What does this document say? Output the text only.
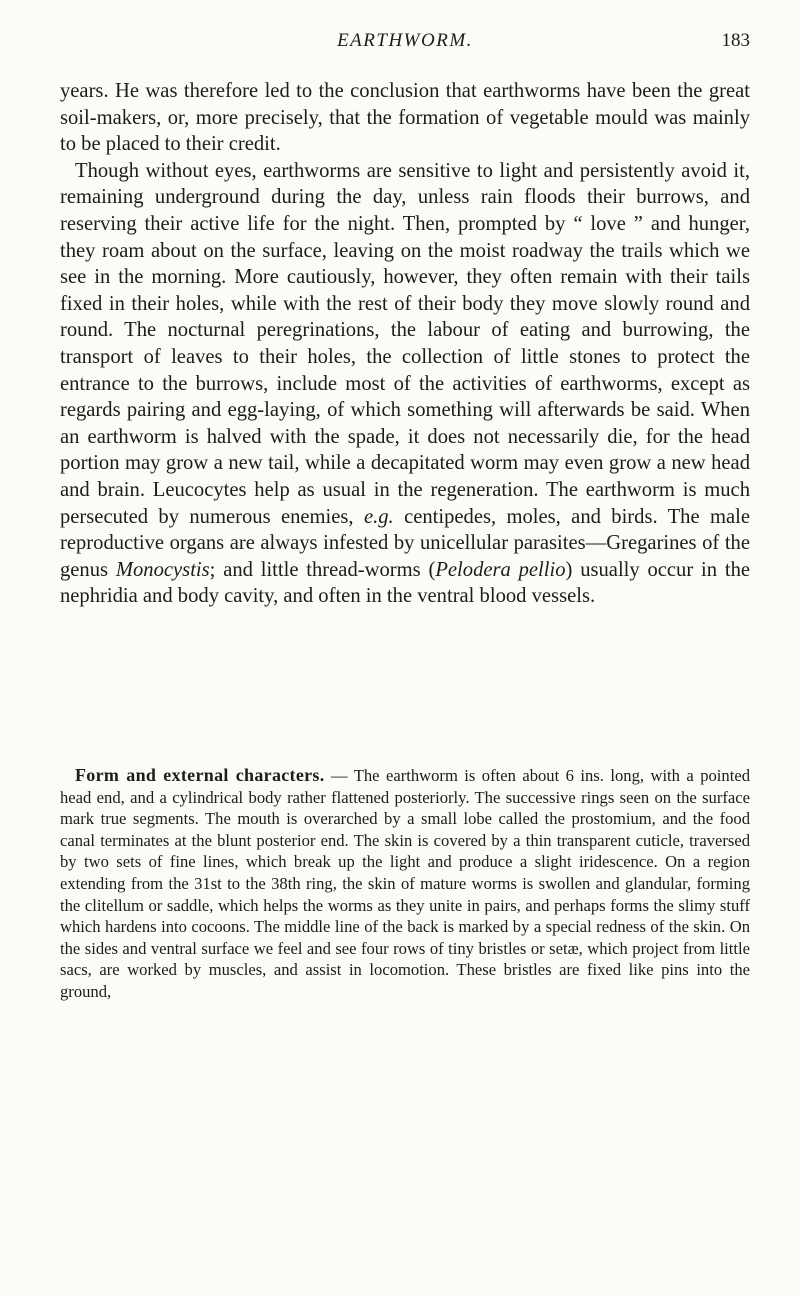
EARTHWORM.	183

years. He was therefore led to the conclusion that earthworms have been the great soil-makers, or, more precisely, that the formation of vegetable mould was mainly to be placed to their credit.

Though without eyes, earthworms are sensitive to light and persistently avoid it, remaining underground during the day, unless rain floods their burrows, and reserving their active life for the night. Then, prompted by “ love ” and hunger, they roam about on the surface, leaving on the moist roadway the trails which we see in the morning. More cautiously, however, they often remain with their tails fixed in their holes, while with the rest of their body they move slowly round and round. The nocturnal peregrinations, the labour of eating and burrowing, the transport of leaves to their holes, the collection of little stones to protect the entrance to the burrows, include most of the activities of earthworms, except as regards pairing and egg-laying, of which something will afterwards be said. When an earthworm is halved with the spade, it does not necessarily die, for the head portion may grow a new tail, while a decapitated worm may even grow a new head and brain. Leucocytes help as usual in the regeneration. The earthworm is much persecuted by numerous enemies, e.g. centipedes, moles, and birds. The male reproductive organs are always infested by unicellular parasites—Gregarines of the genus Monocystis; and little thread-worms (Pelodera pellio) usually occur in the nephridia and body cavity, and often in the ventral blood vessels.

Form and external characters. — The earthworm is often about 6 ins. long, with a pointed head end, and a cylindrical body rather flattened posteriorly. The successive rings seen on the surface mark true segments. The mouth is overarched by a small lobe called the prostomium, and the food canal terminates at the blunt posterior end. The skin is covered by a thin transparent cuticle, traversed by two sets of fine lines, which break up the light and produce a slight iridescence. On a region extending from the 31st to the 38th ring, the skin of mature worms is swollen and glandular, forming the clitellum or saddle, which helps the worms as they unite in pairs, and perhaps forms the slimy stuff which hardens into cocoons. The middle line of the back is marked by a special redness of the skin. On the sides and ventral surface we feel and see four rows of tiny bristles or setæ, which project from little sacs, are worked by muscles, and assist in locomotion. These bristles are fixed like pins into the ground,
